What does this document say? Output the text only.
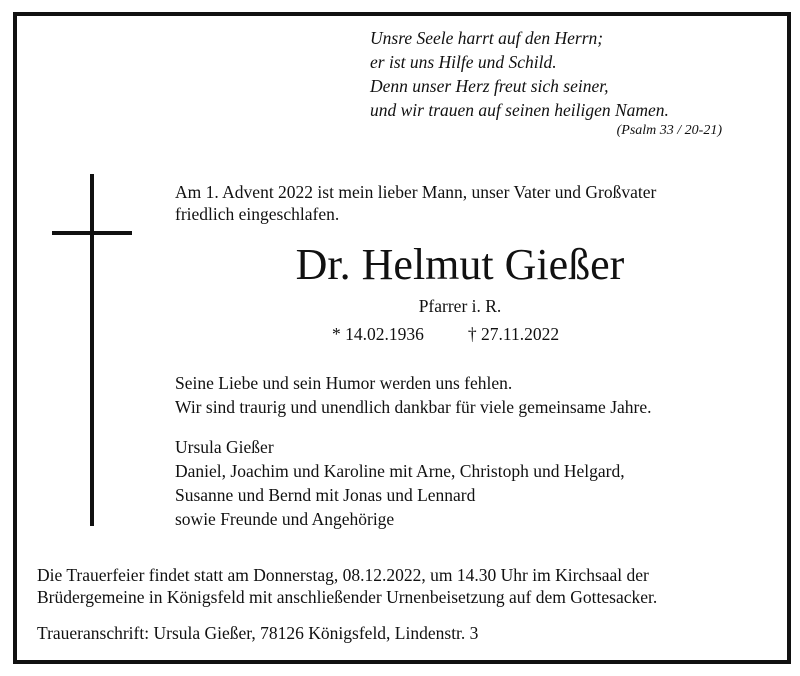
Unsre Seele harrt auf den Herrn;

er ist uns Hilfe und Schild.

Denn unser Herz freut sich seiner,

und wir trauen auf seinen heiligen Namen.

(Psalm 33 / 20-21)

Am 1. Advent 2022 ist mein lieber Mann, unser Vater und Großvater

friedlich eingeschlafen.

Dr. Helmut Gießer
Pfarrer i. R.
* 14.02.1936	† 27.11.2022

Seine Liebe und sein Humor werden uns fehlen.

Wir sind traurig und unendlich dankbar für viele gemeinsame Jahre.

Ursula Gießer

Daniel, Joachim und Karoline mit Arne, Christoph und Helgard,

Susanne und Bernd mit Jonas und Lennard

sowie Freunde und Angehörige

Die Trauerfeier findet statt am Donnerstag, 08.12.2022, um 14.30 Uhr im Kirchsaal der

Brüdergemeine in Königsfeld mit anschließender Urnenbeisetzung auf dem Gottesacker.

Traueranschrift: Ursula Gießer, 78126 Königsfeld, Lindenstr. 3
